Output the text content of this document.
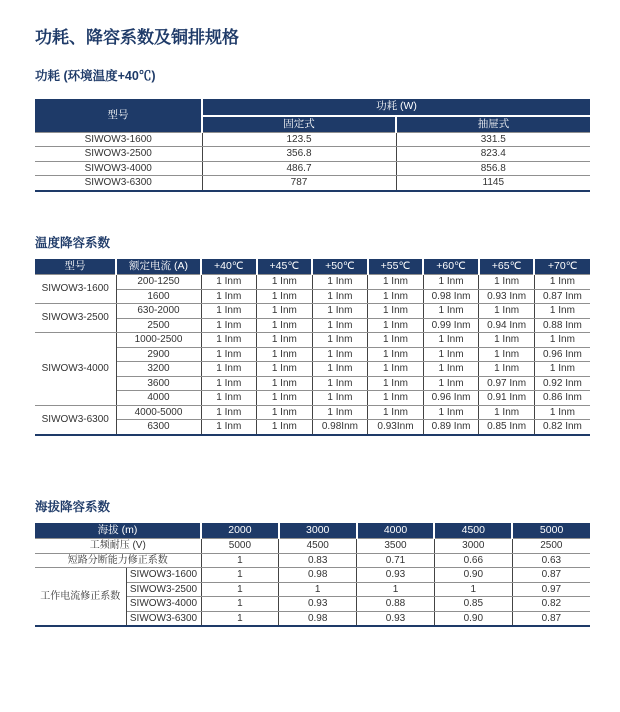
功耗、降容系数及铜排规格
功耗 (环境温度+40℃)
型号	功耗 (W)	
	固定式	抽屉式
SIWOW3-1600	123.5	331.5
SIWOW3-2500	356.8	823.4
SIWOW3-4000	486.7	856.8
SIWOW3-6300	787	1145
温度降容系数
型号	额定电流 (A)	+40℃	+45℃	+50℃	+55℃	+60℃	+65℃	+70℃
SIWOW3-1600	200-1250	1 Inm	1 Inm	1 Inm	1 Inm	1 Inm	1 Inm	1 Inm
	1600	1 Inm	1 Inm	1 Inm	1 Inm	0.98 Inm	0.93 Inm	0.87 Inm
SIWOW3-2500	630-2000	1 Inm	1 Inm	1 Inm	1 Inm	1 Inm	1 Inm	1 Inm
	2500	1 Inm	1 Inm	1 Inm	1 Inm	0.99 Inm	0.94 Inm	0.88 Inm
SIWOW3-4000	1000-2500	1 Inm	1 Inm	1 Inm	1 Inm	1 Inm	1 Inm	1 Inm
	2900	1 Inm	1 Inm	1 Inm	1 Inm	1 Inm	1 Inm	0.96 Inm
	3200	1 Inm	1 Inm	1 Inm	1 Inm	1 Inm	1 Inm	1 Inm
	3600	1 Inm	1 Inm	1 Inm	1 Inm	1 Inm	0.97 Inm	0.92 Inm
	4000	1 Inm	1 Inm	1 Inm	1 Inm	0.96 Inm	0.91 Inm	0.86 Inm
SIWOW3-6300	4000-5000	1 Inm	1 Inm	1 Inm	1 Inm	1 Inm	1 Inm	1 Inm
	6300	1 Inm	1 Inm	0.98Inm	0.93Inm	0.89 Inm	0.85 Inm	0.82 Inm
海拔降容系数
海拔 (m)		2000	3000	4000	4500	5000
工频耐压 (V)		5000	4500	3500	3000	2500
短路分断能力修正系数		1	0.83	0.71	0.66	0.63
工作电流修正系数	SIWOW3-1600	1	0.98	0.93	0.90	0.87
	SIWOW3-2500	1	1	1	1	0.97
	SIWOW3-4000	1	0.93	0.88	0.85	0.82
	SIWOW3-6300	1	0.98	0.93	0.90	0.87
